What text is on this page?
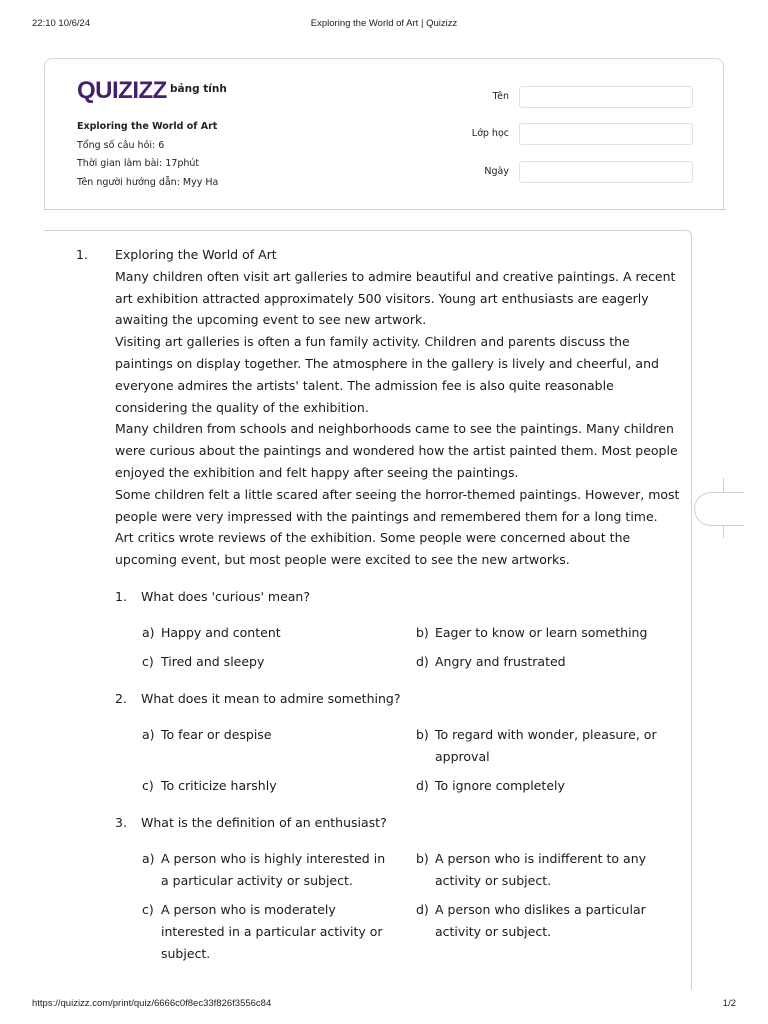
22:10 10/6/24	Exploring the World of Art | Quizizz
QUIZIZZ bảng tính
Exploring the World of Art
Tổng số câu hỏi: 6
Thời gian làm bài: 17phút
Tên người hướng dẫn: Myy Ha
Tên
Lớp học
Ngày
1. Exploring the World of Art

Many children often visit art galleries to admire beautiful and creative paintings. A recent art exhibition attracted approximately 500 visitors. Young art enthusiasts are eagerly awaiting the upcoming event to see new artwork.

Visiting art galleries is often a fun family activity. Children and parents discuss the paintings on display together. The atmosphere in the gallery is lively and cheerful, and everyone admires the artists' talent. The admission fee is also quite reasonable considering the quality of the exhibition.

Many children from schools and neighborhoods came to see the paintings. Many children were curious about the paintings and wondered how the artist painted them. Most people enjoyed the exhibition and felt happy after seeing the paintings.

Some children felt a little scared after seeing the horror-themed paintings. However, most people were very impressed with the paintings and remembered them for a long time.

Art critics wrote reviews of the exhibition. Some people were concerned about the upcoming event, but most people were excited to see the new artworks.

1. What does 'curious' mean?
a) Happy and content	b) Eager to know or learn something
c) Tired and sleepy	d) Angry and frustrated
2. What does it mean to admire something?
a) To fear or despise	b) To regard with wonder, pleasure, or approval
c) To criticize harshly	d) To ignore completely
3. What is the definition of an enthusiast?
a) A person who is highly interested in a particular activity or subject.
b) A person who is indifferent to any activity or subject.
c) A person who is moderately interested in a particular activity or subject.
d) A person who dislikes a particular activity or subject.
https://quizizz.com/print/quiz/6666c0f8ec33f826f3556c84	1/2
